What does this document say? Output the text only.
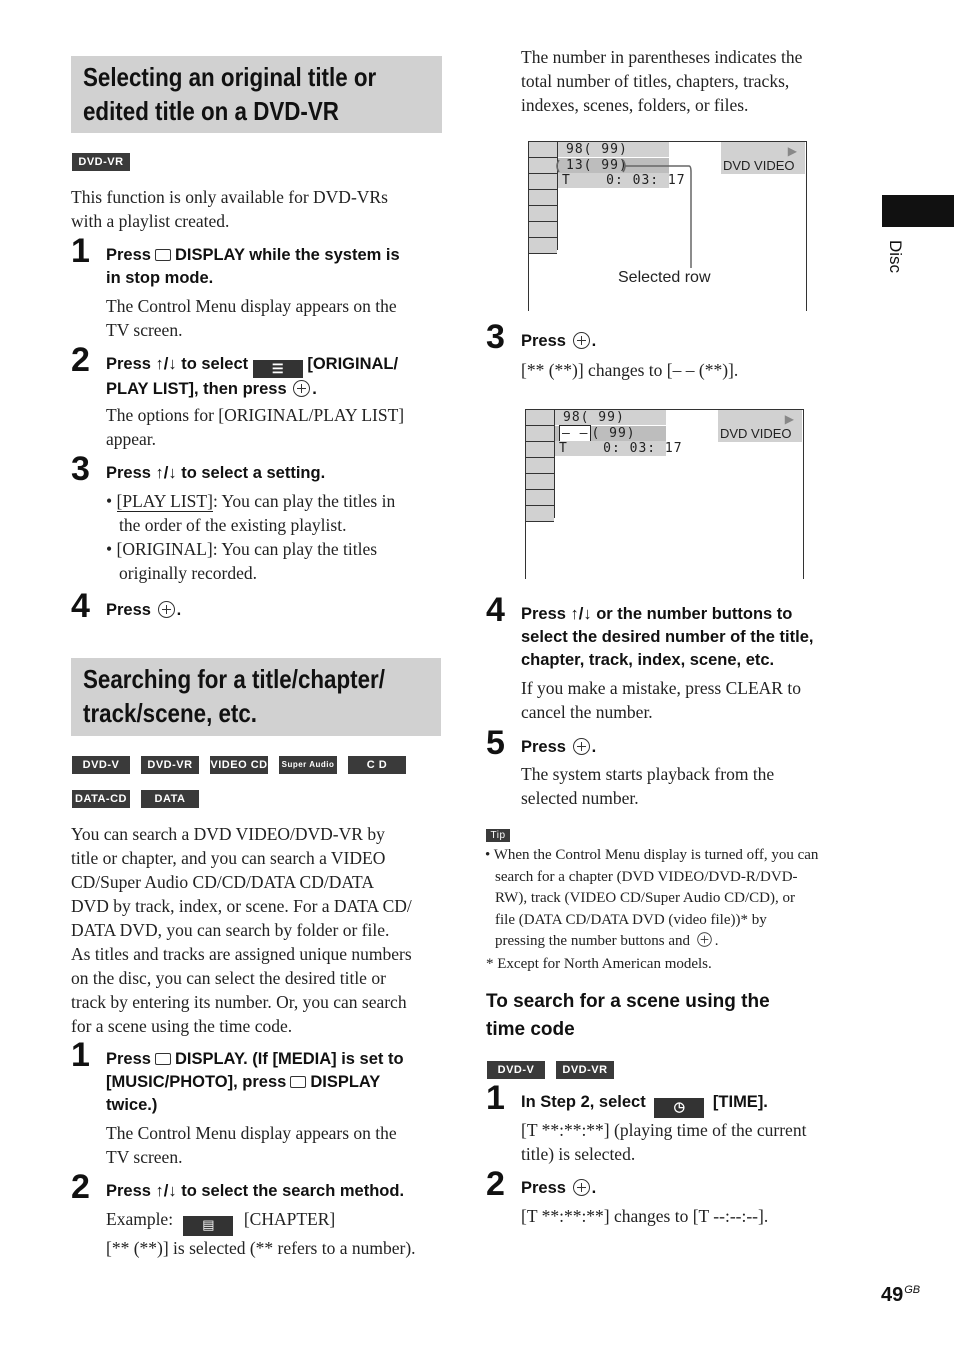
Disc
Selecting an original title or
edited title on a DVD-VR
DVD-VR
This function is only available for DVD-VRs
with a playlist created.
1 Press DISPLAY while the system is
in stop mode.
The Control Menu display appears on the
TV screen.
2 Press ↑/↓ to select ☰ [ORIGINAL/
PLAY LIST], then press .
The options for [ORIGINAL/PLAY LIST]
appear.
3 Press ↑/↓ to select a setting.
• [PLAY LIST]: You can play the titles in
the order of the existing playlist.
• [ORIGINAL]: You can play the titles
originally recorded.
4 Press .
Searching for a title/chapter/
track/scene, etc.
DVD-V	DVD-VR	VIDEO CD	Super Audio CD
C D
DATA-CD	DATA DVD
You can search a DVD VIDEO/DVD-VR by
title or chapter, and you can search a VIDEO
CD/Super Audio CD/CD/DATA CD/DATA
DVD by track, index, or scene. For a DATA CD/
DATA DVD, you can search by folder or file.
As titles and tracks are assigned unique numbers
on the disc, you can select the desired title or
track by entering its number. Or, you can search
for a scene using the time code.
1 Press DISPLAY. (If [MEDIA] is set to
[MUSIC/PHOTO], press DISPLAY
twice.)
The Control Menu display appears on the
TV screen.
2 Press ↑/↓ to select the search method.
Example: ▤ [CHAPTER]
[** (**)] is selected (** refers to a number).
The number in parentheses indicates the
total number of titles, chapters, tracks,
indexes, scenes, folders, or files.
98( 99)
13( 99)
T    0: 03: 17
▶
DVD VIDEO
Selected row
3 Press .
[** (**)] changes to [– – (**)].
98( 99)
– – ( 99)
T    0: 03: 17
▶
DVD VIDEO
4 Press ↑/↓ or the number buttons to
select the desired number of the title,
chapter, track, index, scene, etc.
If you make a mistake, press CLEAR to
cancel the number.
5 Press .
The system starts playback from the
selected number.
Tip
• When the Control Menu display is turned off, you can
search for a chapter (DVD VIDEO/DVD-R/DVD-
RW), track (VIDEO CD/Super Audio CD/CD), or
file (DATA CD/DATA DVD (video file))* by
pressing the number buttons and .
* Except for North American models.
To search for a scene using the
time code
DVD-V	DVD-VR
1 In Step 2, select ◷ [TIME].
[T **:**:**] (playing time of the current
title) is selected.
2 Press .
[T **:**:**] changes to [T --:--:--].
$49^{GB}$
